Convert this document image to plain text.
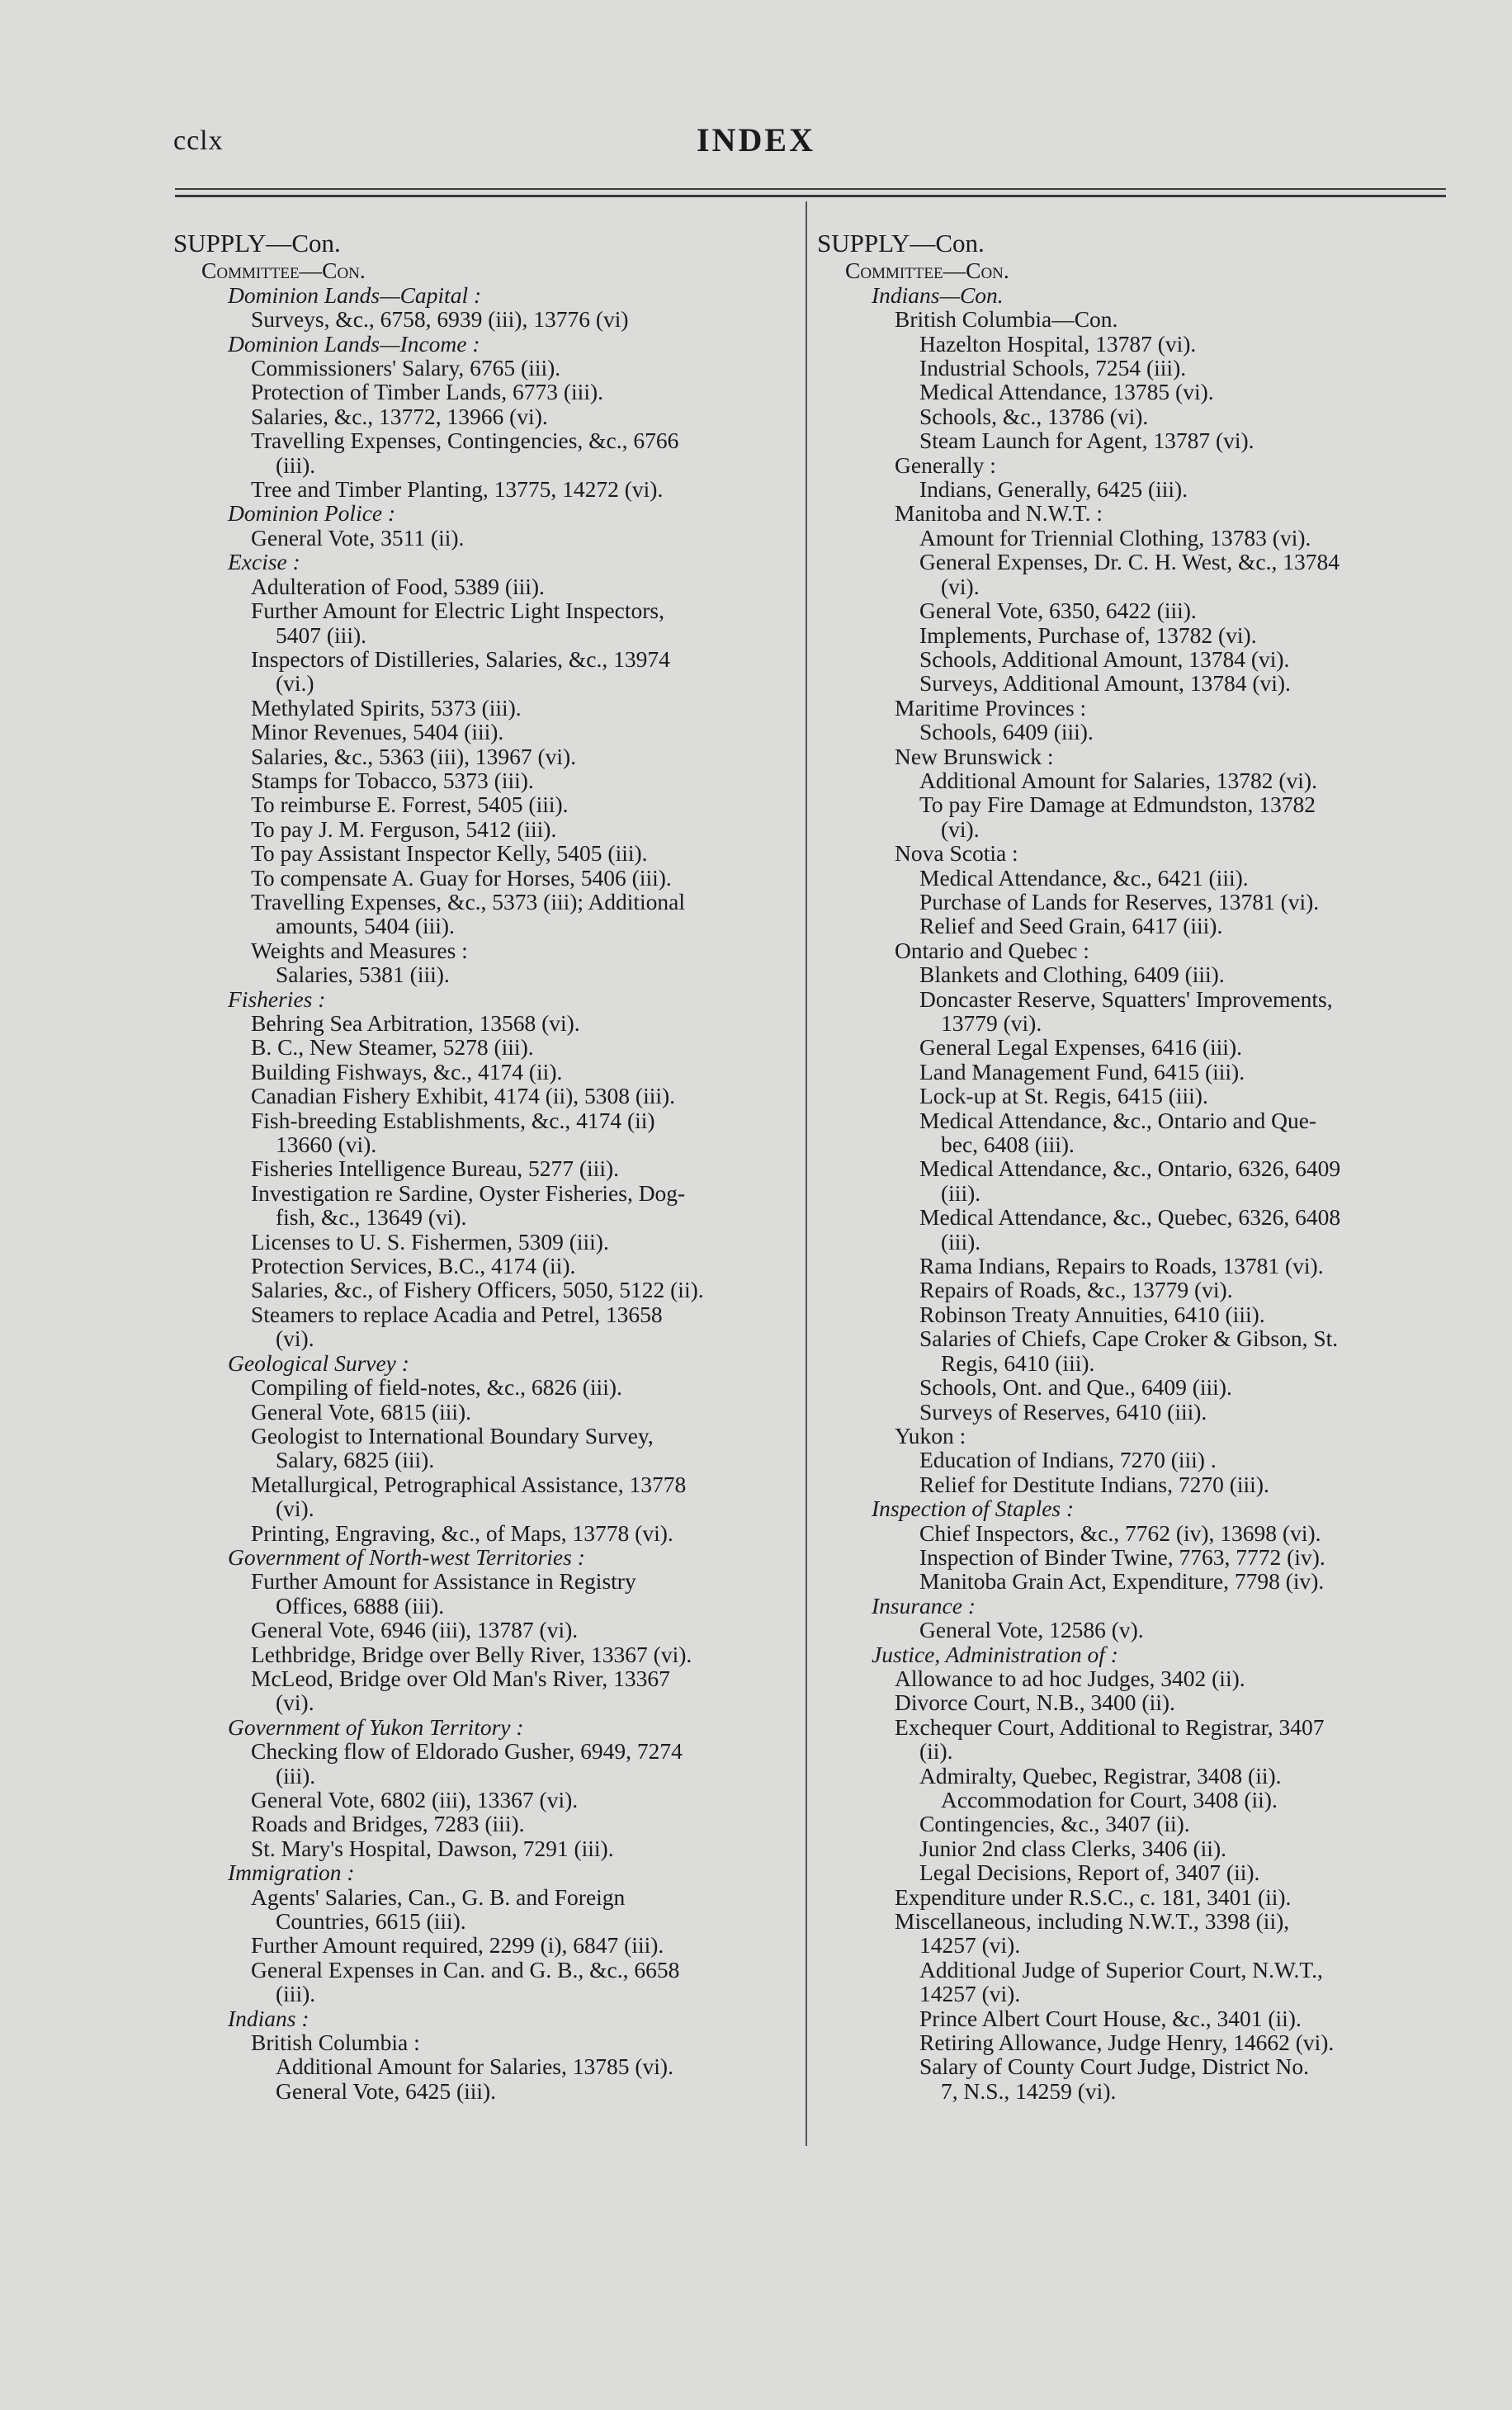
cclx	INDEX
SUPPLY—Con.
Committee—Con.
Dominion Lands—Capital :
Surveys, &c., 6758, 6939 (iii), 13776 (vi)
Dominion Lands—Income :
Commissioners' Salary, 6765 (iii).
Protection of Timber Lands, 6773 (iii).
Salaries, &c., 13772, 13966 (vi).
Travelling Expenses, Contingencies, &c., 6766
(iii).
Tree and Timber Planting, 13775, 14272 (vi).
Dominion Police :
General Vote, 3511 (ii).
Excise :
Adulteration of Food, 5389 (iii).
Further Amount for Electric Light Inspectors,
5407 (iii).
Inspectors of Distilleries, Salaries, &c., 13974
(vi.)
Methylated Spirits, 5373 (iii).
Minor Revenues, 5404 (iii).
Salaries, &c., 5363 (iii), 13967 (vi).
Stamps for Tobacco, 5373 (iii).
To reimburse E. Forrest, 5405 (iii).
To pay J. M. Ferguson, 5412 (iii).
To pay Assistant Inspector Kelly, 5405 (iii).
To compensate A. Guay for Horses, 5406 (iii).
Travelling Expenses, &c., 5373 (iii); Additional
amounts, 5404 (iii).
Weights and Measures :
Salaries, 5381 (iii).
Fisheries :
Behring Sea Arbitration, 13568 (vi).
B. C., New Steamer, 5278 (iii).
Building Fishways, &c., 4174 (ii).
Canadian Fishery Exhibit, 4174 (ii), 5308 (iii).
Fish-breeding Establishments, &c., 4174 (ii)
13660 (vi).
Fisheries Intelligence Bureau, 5277 (iii).
Investigation re Sardine, Oyster Fisheries, Dog-
fish, &c., 13649 (vi).
Licenses to U. S. Fishermen, 5309 (iii).
Protection Services, B.C., 4174 (ii).
Salaries, &c., of Fishery Officers, 5050, 5122 (ii).
Steamers to replace Acadia and Petrel, 13658
(vi).
Geological Survey :
Compiling of field-notes, &c., 6826 (iii).
General Vote, 6815 (iii).
Geologist to International Boundary Survey,
Salary, 6825 (iii).
Metallurgical, Petrographical Assistance, 13778
(vi).
Printing, Engraving, &c., of Maps, 13778 (vi).
Government of North-west Territories :
Further Amount for Assistance in Registry
Offices, 6888 (iii).
General Vote, 6946 (iii), 13787 (vi).
Lethbridge, Bridge over Belly River, 13367 (vi).
McLeod, Bridge over Old Man's River, 13367
(vi).
Government of Yukon Territory :
Checking flow of Eldorado Gusher, 6949, 7274
(iii).
General Vote, 6802 (iii), 13367 (vi).
Roads and Bridges, 7283 (iii).
St. Mary's Hospital, Dawson, 7291 (iii).
Immigration :
Agents' Salaries, Can., G. B. and Foreign
Countries, 6615 (iii).
Further Amount required, 2299 (i), 6847 (iii).
General Expenses in Can. and G. B., &c., 6658
(iii).
Indians :
British Columbia :
Additional Amount for Salaries, 13785 (vi).
General Vote, 6425 (iii).
SUPPLY—Con.
Committee—Con.
Indians—Con.
British Columbia—Con.
Hazelton Hospital, 13787 (vi).
Industrial Schools, 7254 (iii).
Medical Attendance, 13785 (vi).
Schools, &c., 13786 (vi).
Steam Launch for Agent, 13787 (vi).
Generally :
Indians, Generally, 6425 (iii).
Manitoba and N.W.T. :
Amount for Triennial Clothing, 13783 (vi).
General Expenses, Dr. C. H. West, &c., 13784
(vi).
General Vote, 6350, 6422 (iii).
Implements, Purchase of, 13782 (vi).
Schools, Additional Amount, 13784 (vi).
Surveys, Additional Amount, 13784 (vi).
Maritime Provinces :
Schools, 6409 (iii).
New Brunswick :
Additional Amount for Salaries, 13782 (vi).
To pay Fire Damage at Edmundston, 13782
(vi).
Nova Scotia :
Medical Attendance, &c., 6421 (iii).
Purchase of Lands for Reserves, 13781 (vi).
Relief and Seed Grain, 6417 (iii).
Ontario and Quebec :
Blankets and Clothing, 6409 (iii).
Doncaster Reserve, Squatters' Improvements,
13779 (vi).
General Legal Expenses, 6416 (iii).
Land Management Fund, 6415 (iii).
Lock-up at St. Regis, 6415 (iii).
Medical Attendance, &c., Ontario and Que-
bec, 6408 (iii).
Medical Attendance, &c., Ontario, 6326, 6409
(iii).
Medical Attendance, &c., Quebec, 6326, 6408
(iii).
Rama Indians, Repairs to Roads, 13781 (vi).
Repairs of Roads, &c., 13779 (vi).
Robinson Treaty Annuities, 6410 (iii).
Salaries of Chiefs, Cape Croker & Gibson, St.
Regis, 6410 (iii).
Schools, Ont. and Que., 6409 (iii).
Surveys of Reserves, 6410 (iii).
Yukon :
Education of Indians, 7270 (iii) .
Relief for Destitute Indians, 7270 (iii).
Inspection of Staples :
Chief Inspectors, &c., 7762 (iv), 13698 (vi).
Inspection of Binder Twine, 7763, 7772 (iv).
Manitoba Grain Act, Expenditure, 7798 (iv).
Insurance :
General Vote, 12586 (v).
Justice, Administration of :
Allowance to ad hoc Judges, 3402 (ii).
Divorce Court, N.B., 3400 (ii).
Exchequer Court, Additional to Registrar, 3407
(ii).
Admiralty, Quebec, Registrar, 3408 (ii).
Accommodation for Court, 3408 (ii).
Contingencies, &c., 3407 (ii).
Junior 2nd class Clerks, 3406 (ii).
Legal Decisions, Report of, 3407 (ii).
Expenditure under R.S.C., c. 181, 3401 (ii).
Miscellaneous, including N.W.T., 3398 (ii),
14257 (vi).
Additional Judge of Superior Court, N.W.T.,
14257 (vi).
Prince Albert Court House, &c., 3401 (ii).
Retiring Allowance, Judge Henry, 14662 (vi).
Salary of County Court Judge, District No.
7, N.S., 14259 (vi).
